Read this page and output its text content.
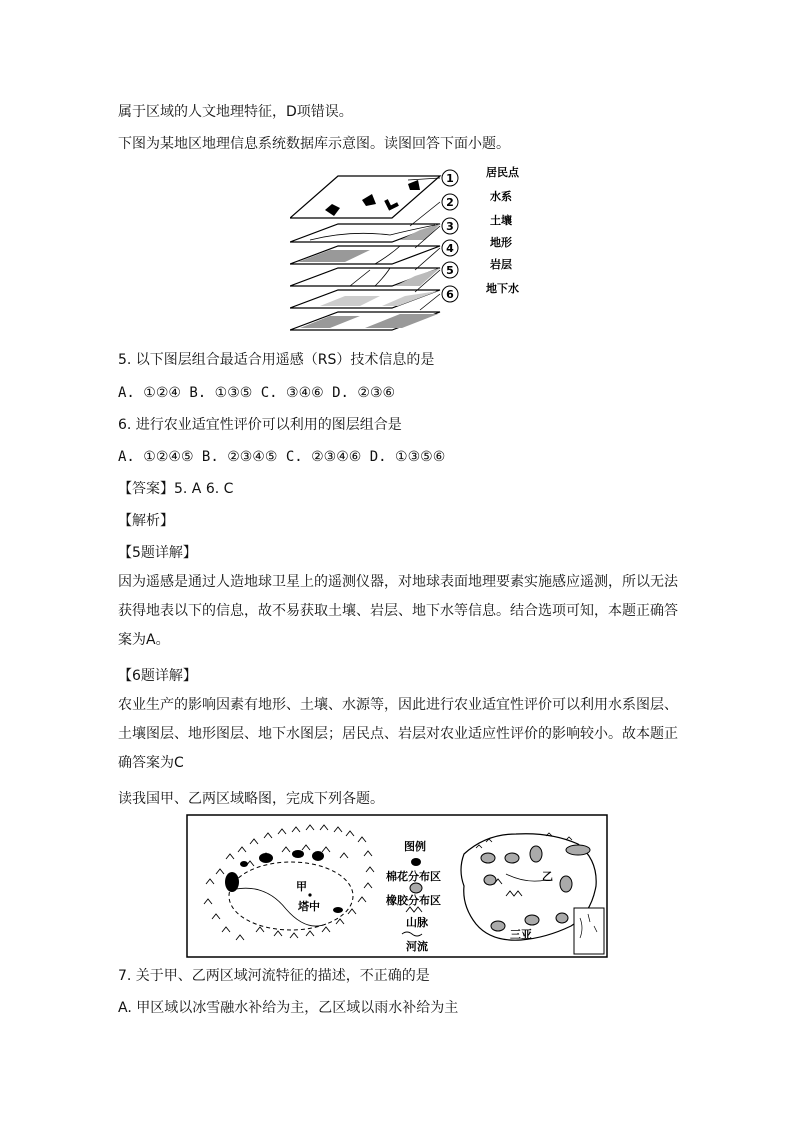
属于区域的人文地理特征，D项错误。
下图为某地区地理信息系统数据库示意图。读图回答下面小题。
1
2
3
4
5
6
居民点
水系
土壤
地形
岩层
地下水
5. 以下图层组合最适合用遥感（RS）技术信息的是
A. ①②④ B. ①③⑤ C. ③④⑥ D. ②③⑥
6. 进行农业适宜性评价可以利用的图层组合是
A. ①②④⑤ B. ②③④⑤ C. ②③④⑥ D. ①③⑤⑥
【答案】5. A 6. C
【解析】
【5题详解】
因为遥感是通过人造地球卫星上的遥测仪器，对地球表面地理要素实施感应遥测，所以无法获得地表以下的信息，故不易获取土壤、岩层、地下水等信息。结合选项可知，本题正确答案为A。
【6题详解】
农业生产的影响因素有地形、土壤、水源等，因此进行农业适宜性评价可以利用水系图层、土壤图层、地形图层、地下水图层；居民点、岩层对农业适应性评价的影响较小。故本题正确答案为C
读我国甲、乙两区域略图，完成下列各题。
甲
塔中
图例
棉花分布区
橡胶分布区
山脉
河流
乙
三亚
7. 关于甲、乙两区域河流特征的描述，不正确的是
A. 甲区域以冰雪融水补给为主，乙区域以雨水补给为主
